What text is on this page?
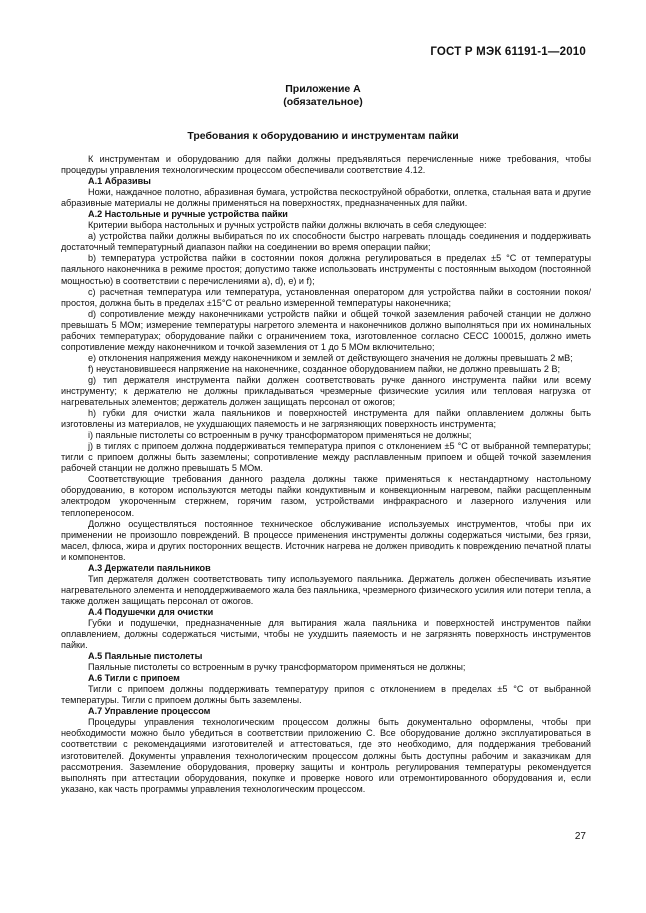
ГОСТ Р МЭК 61191-1—2010
Приложение А
(обязательное)
Требования к оборудованию и инструментам пайки

К инструментам и оборудованию для пайки должны предъявляться перечисленные ниже требования, чтобы процедуры управления технологическим процессом обеспечивали соответствие 4.12.

А.1 Абразивы

Ножи, наждачное полотно, абразивная бумага, устройства пескоструйной обработки, оплетка, стальная вата и другие абразивные материалы не должны применяться на поверхностях, предназначенных для пайки.

А.2 Настольные и ручные устройства пайки

Критерии выбора настольных и ручных устройств пайки должны включать в себя следующее:

a) устройства пайки должны выбираться по их способности быстро нагревать площадь соединения и поддерживать достаточный температурный диапазон пайки на соединении во время операции пайки;

b) температура устройства пайки в состоянии покоя должна регулироваться в пределах ±5 °С от температуры паяльного наконечника в режиме простоя; допустимо также использовать инструменты с постоянным выходом (постоянной мощностью) в соответствии с перечислениями a), d), e) и f);

c) расчетная температура или температура, установленная оператором для устройства пайки в состоянии покоя/простоя, должна быть в пределах ±15°С от реально измеренной температуры наконечника;

d) сопротивление между наконечниками устройств пайки и общей точкой заземления рабочей станции не должно превышать 5 МОм; измерение температуры нагретого элемента и наконечников должно выполняться при их номинальных рабочих температурах; оборудование пайки с ограничением тока, изготовленное согласно СЕСС 100015, должно иметь сопротивление между наконечником и точкой заземления от 1 до 5 МОм включительно;

e) отклонения напряжения между наконечником и землей от действующего значения не должны превышать 2 мВ;

f) неустановившееся напряжение на наконечнике, созданное оборудованием пайки, не должно превышать 2 В;

g) тип держателя инструмента пайки должен соответствовать ручке данного инструмента пайки или всему инструменту; к держателю не должны прикладываться чрезмерные физические усилия или тепловая нагрузка от нагревательных элементов; держатель должен защищать персонал от ожогов;

h) губки для очистки жала паяльников и поверхностей инструмента для пайки оплавлением должны быть изготовлены из материалов, не ухудшающих паяемость и не загрязняющих поверхность инструмента;

i) паяльные пистолеты со встроенным в ручку трансформатором применяться не должны;

j) в тиглях с припоем должна поддерживаться температура припоя с отклонением ±5 °С от выбранной температуры; тигли с припоем должны быть заземлены; сопротивление между расплавленным припоем и общей точкой заземления рабочей станции не должно превышать 5 МОм.

Соответствующие требования данного раздела должны также применяться к нестандартному настольному оборудованию, в котором используются методы пайки кондуктивным и конвекционным нагревом, пайки расщепленным электродом укороченным стержнем, горячим газом, устройствами инфракрасного и лазерного излучения или теплопереносом.

Должно осуществляться постоянное техническое обслуживание используемых инструментов, чтобы при их применении не произошло повреждений. В процессе применения инструменты должны содержаться чистыми, без грязи, масел, флюса, жира и других посторонних веществ. Источник нагрева не должен приводить к повреждению печатной платы и компонентов.

А.3 Держатели паяльников

Тип держателя должен соответствовать типу используемого паяльника. Держатель должен обеспечивать изъятие нагревательного элемента и неподдерживаемого жала без паяльника, чрезмерного физического усилия или потери тепла, а также должен защищать персонал от ожогов.

А.4 Подушечки для очистки

Губки и подушечки, предназначенные для вытирания жала паяльника и поверхностей инструментов пайки оплавлением, должны содержаться чистыми, чтобы не ухудшить паяемость и не загрязнять поверхность инструментов пайки.

А.5 Паяльные пистолеты

Паяльные пистолеты со встроенным в ручку трансформатором применяться не должны;

А.6 Тигли с припоем

Тигли с припоем должны поддерживать температуру припоя с отклонением в пределах ±5 °С от выбранной температуры. Тигли с припоем должны быть заземлены.

А.7 Управление процессом

Процедуры управления технологическим процессом должны быть документально оформлены, чтобы при необходимости можно было убедиться в соответствии приложению С. Все оборудование должно эксплуатироваться в соответствии с рекомендациями изготовителей и аттестоваться, где это необходимо, для поддержания требований изготовителей. Документы управления технологическим процессом должны быть доступны рабочим и заказчикам для рассмотрения. Заземление оборудования, проверку защиты и контроль регулирования температуры рекомендуется выполнять при аттестации оборудования, покупке и проверке нового или отремонтированного оборудования и, если указано, как часть программы управления технологическим процессом.

27
